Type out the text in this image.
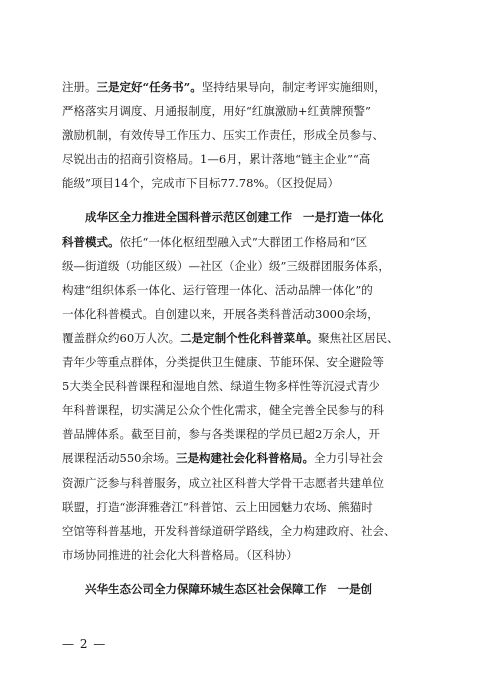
注册。三是定好“任务书”。坚持结果导向，制定考评实施细则，
严格落实月调度、月通报制度，用好“红旗激励+红黄牌预警”
激励机制，有效传导工作压力、压实工作责任，形成全员参与、
尽锐出击的招商引资格局。1—6月，累计落地“链主企业”“高
能级”项目14个，完成市下目标77.78%。（区投促局）
成华区全力推进全国科普示范区创建工作 一是打造一体化
科普模式。依托“一体化枢纽型融入式”大群团工作格局和“区
级—街道级（功能区级）—社区（企业）级”三级群团服务体系，
构建“组织体系一体化、运行管理一体化、活动品牌一体化”的
一体化科普模式。自创建以来，开展各类科普活动3000余场，
覆盖群众约60万人次。二是定制个性化科普菜单。聚焦社区居民、
青年少等重点群体，分类提供卫生健康、节能环保、安全避险等
5大类全民科普课程和湿地自然、绿道生物多样性等沉浸式青少
年科普课程，切实满足公众个性化需求，健全完善全民参与的科
普品牌体系。截至目前，参与各类课程的学员已超2万余人，开
展课程活动550余场。三是构建社会化科普格局。全力引导社会
资源广泛参与科普服务，成立社区科普大学骨干志愿者共建单位
联盟，打造“澎湃雅砻江”科普馆、云上田园魅力农场、熊猫时
空馆等科普基地，开发科普绿道研学路线，全力构建政府、社会、
市场协同推进的社会化大科普格局。（区科协）
兴华生态公司全力保障环城生态区社会保障工作 一是创
— 2 —
